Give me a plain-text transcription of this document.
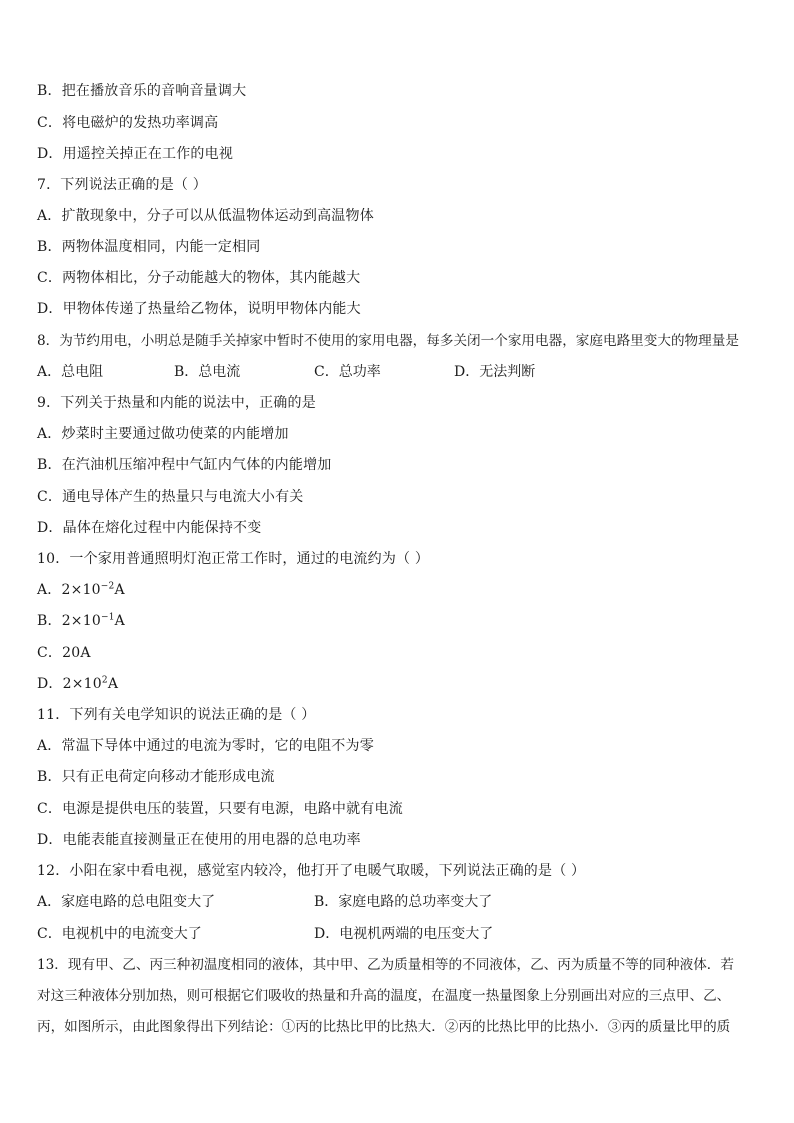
B．把在播放音乐的音响音量调大
C．将电磁炉的发热功率调高
D．用遥控关掉正在工作的电视
7．下列说法正确的是（ ）
A．扩散现象中，分子可以从低温物体运动到高温物体
B．两物体温度相同，内能一定相同
C．两物体相比，分子动能越大的物体，其内能越大
D．甲物体传递了热量给乙物体，说明甲物体内能大
8．为节约用电，小明总是随手关掉家中暂时不使用的家用电器，每多关闭一个家用电器，家庭电路里变大的物理量是
A．总电阻	B．总电流	C．总功率	D．无法判断
9．下列关于热量和内能的说法中，正确的是
A．炒菜时主要通过做功使菜的内能增加
B．在汽油机压缩冲程中气缸内气体的内能增加
C．通电导体产生的热量只与电流大小有关
D．晶体在熔化过程中内能保持不变
10．一个家用普通照明灯泡正常工作时，通过的电流约为（ ）
A．$2\times 10^{-2}A$
B．$2\times 10^{-1}A$
C．20A
D．$2\times 10^2A$
11．下列有关电学知识的说法正确的是（ ）
A．常温下导体中通过的电流为零时，它的电阻不为零
B．只有正电荷定向移动才能形成电流
C．电源是提供电压的装置，只要有电源，电路中就有电流
D．电能表能直接测量正在使用的用电器的总电功率
12．小阳在家中看电视，感觉室内较冷，他打开了电暖气取暖，下列说法正确的是（ ）
A．家庭电路的总电阻变大了	B．家庭电路的总功率变大了
C．电视机中的电流变大了	D．电视机两端的电压变大了
13．现有甲、乙、丙三种初温度相同的液体，其中甲、乙为质量相等的不同液体，乙、丙为质量不等的同种液体．若
对这三种液体分别加热，则可根据它们吸收的热量和升高的温度，在温度一热量图象上分别画出对应的三点甲、乙、
丙，如图所示，由此图象得出下列结论：①丙的比热比甲的比热大．②丙的比热比甲的比热小．③丙的质量比甲的质
